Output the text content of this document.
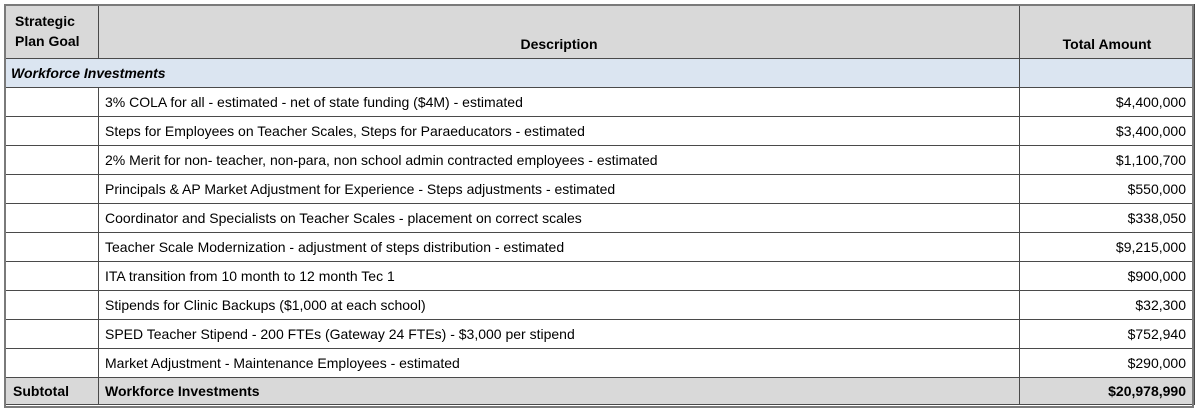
Strategic
Plan Goal	Description	Total Amount
Workforce Investments		
	3% COLA for all - estimated - net of state funding ($4M) - estimated	$4,400,000
	Steps for Employees on Teacher Scales, Steps for Paraeducators - estimated	$3,400,000
	2% Merit for non- teacher, non-para, non school admin contracted employees - estimated	$1,100,700
	Principals & AP Market Adjustment for Experience - Steps adjustments - estimated	$550,000
	Coordinator and Specialists on Teacher Scales - placement on correct scales	$338,050
	Teacher Scale Modernization - adjustment of steps distribution - estimated	$9,215,000
	ITA transition from 10 month to 12 month Tec 1	$900,000
	Stipends for Clinic Backups ($1,000 at each school)	$32,300
	SPED Teacher Stipend - 200 FTEs (Gateway 24 FTEs) - $3,000 per stipend	$752,940
	Market Adjustment - Maintenance Employees - estimated	$290,000
Subtotal	Workforce Investments	$20,978,990
